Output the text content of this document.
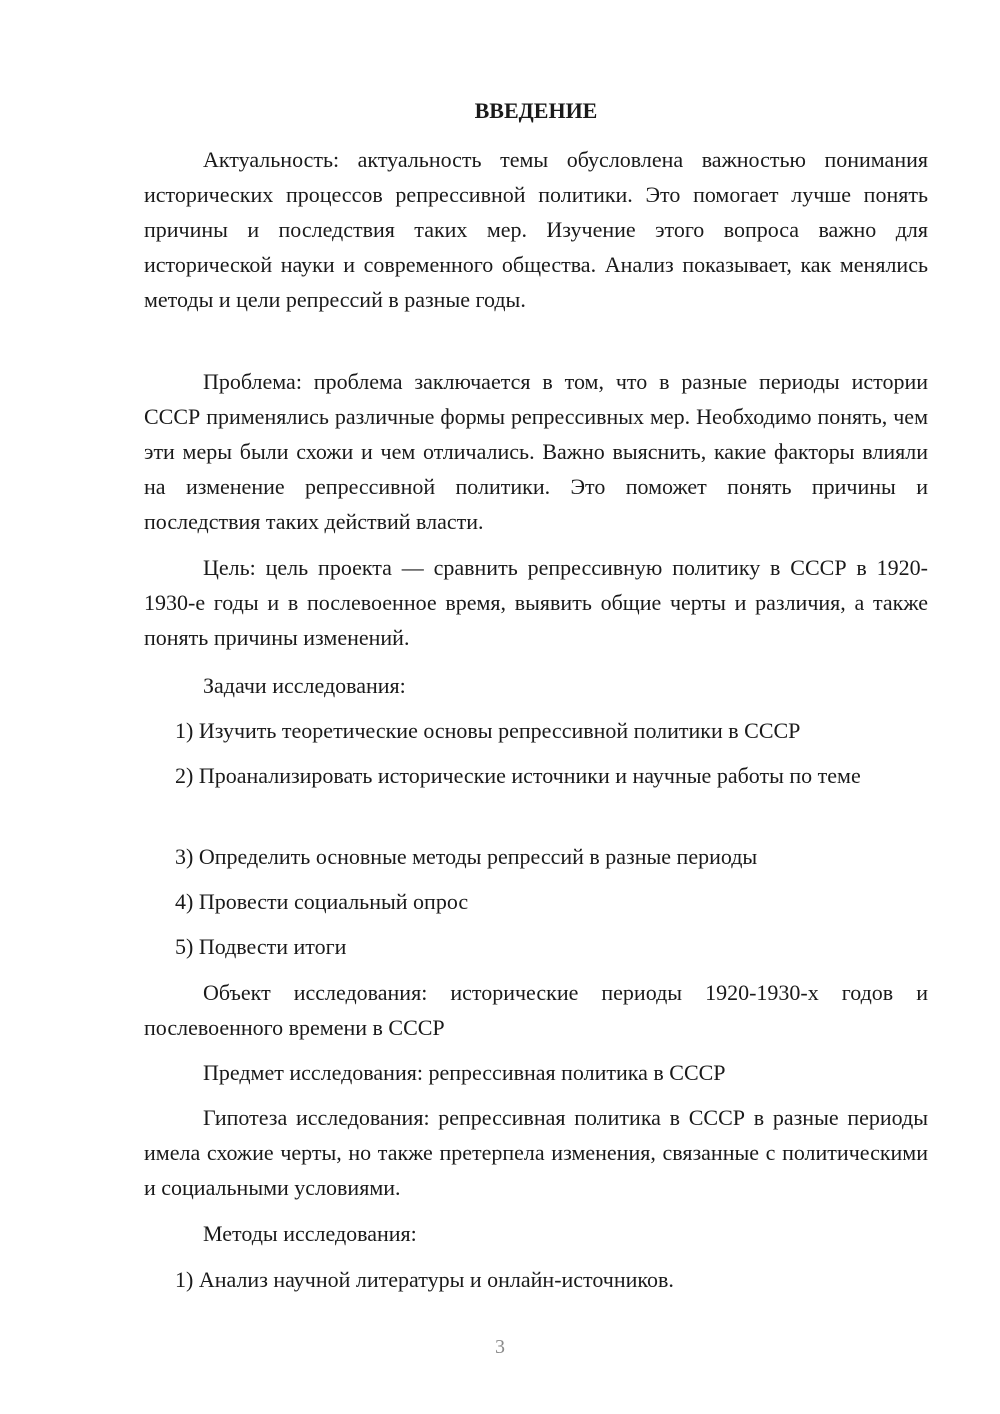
ВВЕДЕНИЕ

Актуальность: актуальность темы обусловлена важностью понимания исторических процессов репрессивной политики. Это помогает лучше понять причины и последствия таких мер. Изучение этого вопроса важно для исторической науки и современного общества. Анализ показывает, как менялись методы и цели репрессий в разные годы.

Проблема: проблема заключается в том, что в разные периоды истории СССР применялись различные формы репрессивных мер. Необходимо понять, чем эти меры были схожи и чем отличались. Важно выяснить, какие факторы влияли на изменение репрессивной политики. Это поможет понять причины и последствия таких действий власти.

Цель: цель проекта — сравнить репрессивную политику в СССР в 1920-1930-е годы и в послевоенное время, выявить общие черты и различия, а также понять причины изменений.

Задачи исследования:

1) Изучить теоретические основы репрессивной политики в СССР

2) Проанализировать исторические источники и научные работы по теме

3) Определить основные методы репрессий в разные периоды

4) Провести социальный опрос

5) Подвести итоги

Объект исследования: исторические периоды 1920-1930-х годов и послевоенного времени в СССР

Предмет исследования: репрессивная политика в СССР

Гипотеза исследования: репрессивная политика в СССР в разные периоды имела схожие черты, но также претерпела изменения, связанные с политическими и социальными условиями.

Методы исследования:

1) Анализ научной литературы и онлайн-источников.

3
